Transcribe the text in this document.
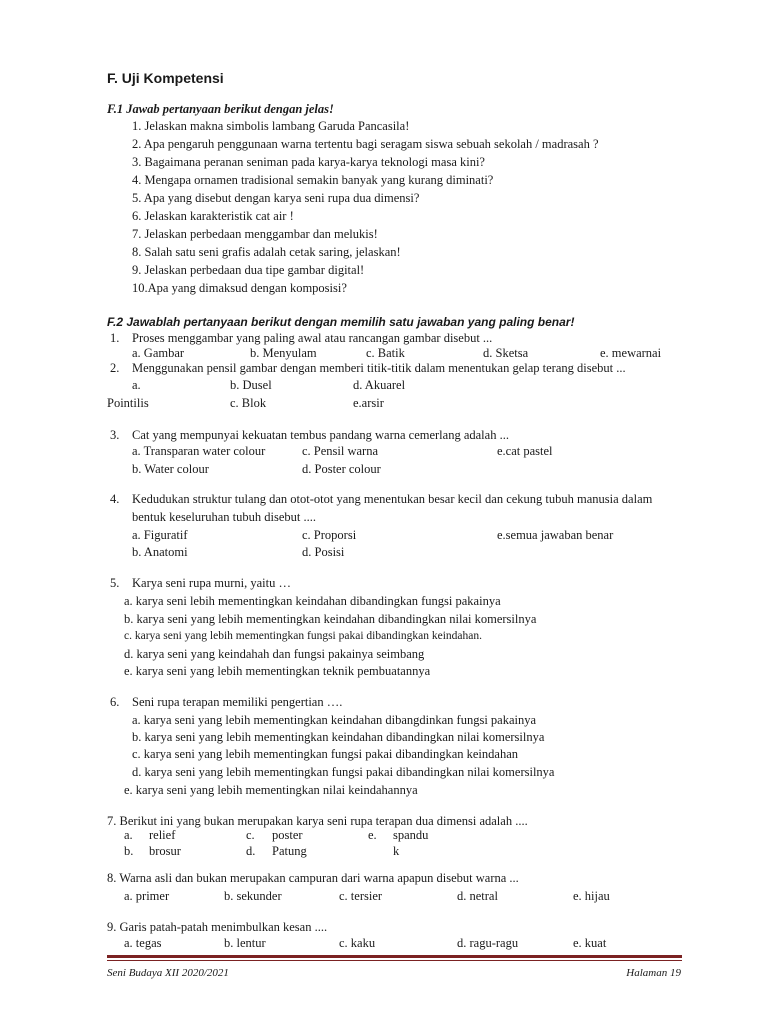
F. Uji Kompetensi
F.1 Jawab pertanyaan berikut dengan jelas!
1. Jelaskan makna simbolis lambang Garuda Pancasila!
2. Apa pengaruh penggunaan warna tertentu bagi seragam siswa sebuah sekolah / madrasah ?
3. Bagaimana peranan seniman pada karya-karya teknologi masa kini?
4. Mengapa ornamen tradisional semakin banyak yang kurang diminati?
5. Apa yang disebut dengan karya seni rupa dua dimensi?
6. Jelaskan karakteristik cat air !
7. Jelaskan perbedaan menggambar dan melukis!
8. Salah satu seni grafis adalah cetak saring, jelaskan!
9. Jelaskan perbedaan dua tipe gambar digital!
10.Apa yang dimaksud dengan komposisi?
F.2 Jawablah pertanyaan berikut dengan memilih satu jawaban yang paling benar!
1. Proses menggambar yang paling awal atau rancangan gambar disebut ...
a. Gambar	b. Menyulam	c. Batik	d. Sketsa	e. mewarnai
2. Menggunakan pensil gambar dengan memberi titik-titik dalam menentukan gelap terang disebut ...
a.	b. Dusel	d. Akuarel
Pointilis	c. Blok	e.arsir
3. Cat yang mempunyai kekuatan tembus pandang warna cemerlang adalah ...
a. Transparan water colour	c. Pensil warna	e.cat pastel
b. Water colour	d. Poster colour
4. Kedudukan struktur tulang dan otot-otot yang menentukan besar kecil dan cekung tubuh manusia dalam
bentuk keseluruhan tubuh disebut ....
a. Figuratif	c. Proporsi	e.semua jawaban benar
b. Anatomi	d. Posisi
5. Karya seni rupa murni, yaitu …
a. karya seni lebih mementingkan keindahan dibandingkan fungsi pakainya
b. karya seni yang lebih mementingkan keindahan dibandingkan nilai komersilnya
c. karya seni yang lebih mementingkan fungsi pakai dibandingkan keindahan.
d. karya seni yang keindahah dan fungsi pakainya seimbang
e. karya seni yang lebih mementingkan teknik pembuatannya
6. Seni rupa terapan memiliki pengertian ….
a. karya seni yang lebih mementingkan keindahan dibangdinkan fungsi pakainya
b. karya seni yang lebih mementingkan keindahan dibandingkan nilai komersilnya
c. karya seni yang lebih mementingkan fungsi pakai dibandingkan keindahan
d. karya seni yang lebih mementingkan fungsi pakai dibandingkan nilai komersilnya
e. karya seni yang lebih mementingkan nilai keindahannya
7. Berikut ini yang bukan merupakan karya seni rupa terapan dua dimensi adalah ....
a. relief	c. poster	e. spandu
b. brosur	d. Patung	k
8. Warna asli dan bukan merupakan campuran dari warna apapun disebut warna ...
a. primer	b. sekunder	c. tersier	d. netral	e. hijau
9. Garis patah-patah menimbulkan kesan ....
a. tegas	b. lentur	c. kaku	d. ragu-ragu	e. kuat
Seni Budaya XII 2020/2021	Halaman 19
